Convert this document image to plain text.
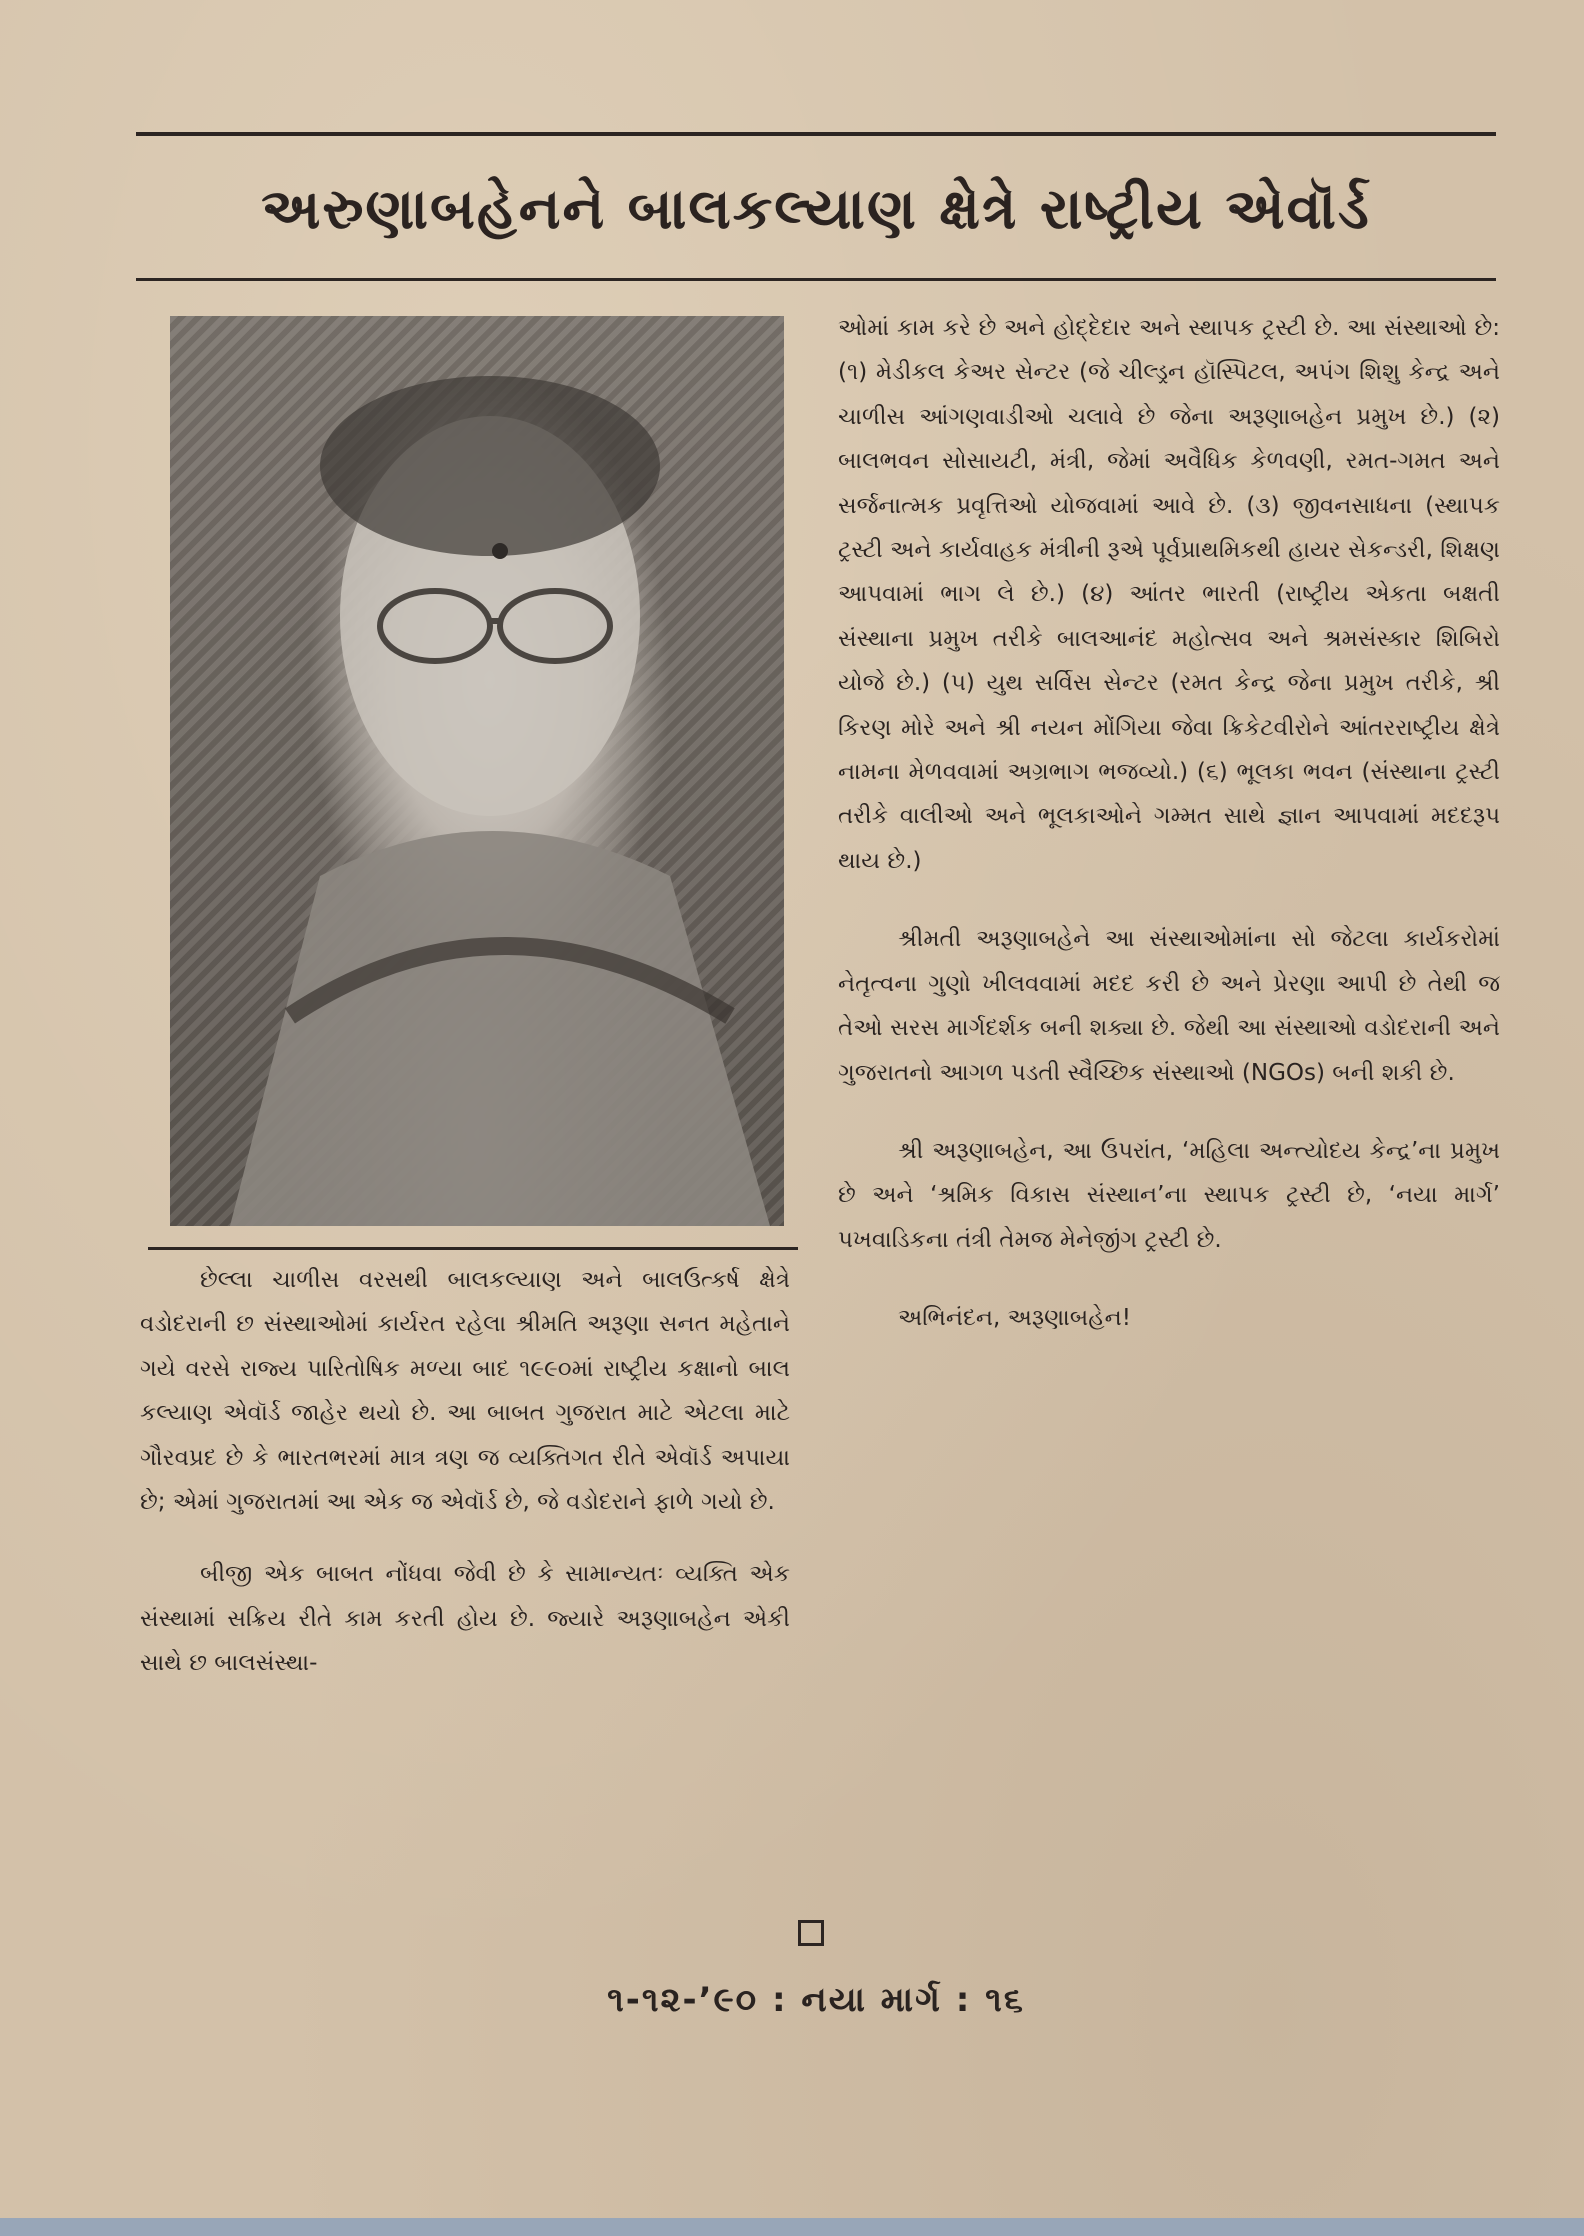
અરુણાબહેનને બાલકલ્યાણ ક્ષેત્રે રાષ્ટ્રીય એવૉર્ડ

છેલ્લા ચાળીસ વરસથી બાલકલ્યાણ અને બાલઉત્કર્ષ ક્ષેત્રે વડોદરાની છ સંસ્થાઓમાં કાર્યરત રહેલા શ્રીમતિ અરૂણા સનત મહેતાને ગયે વરસે રાજ્ય પારિતોષિક મળ્યા બાદ ૧૯૯૦માં રાષ્ટ્રીય કક્ષાનો બાલ કલ્યાણ એવૉર્ડ જાહેર થયો છે. આ બાબત ગુજરાત માટે એટલા માટે ગૌરવપ્રદ છે કે ભારતભરમાં માત્ર ત્રણ જ વ્યક્તિગત રીતે એવૉર્ડ અપાયા છે; એમાં ગુજરાતમાં આ એક જ એવૉર્ડ છે, જે વડોદરાને ફાળે ગયો છે.

બીજી એક બાબત નોંધવા જેવી છે કે સામાન્યતઃ વ્યક્તિ એક સંસ્થામાં સક્રિય રીતે કામ કરતી હોય છે. જ્યારે અરૂણાબહેન એકી સાથે છ બાલસંસ્થા-

ઓમાં કામ કરે છે અને હોદ્દેદાર અને સ્થાપક ટ્રસ્ટી છે. આ સંસ્થાઓ છે: (૧) મેડીકલ કેઅર સેન્ટર (જે ચીલ્ડ્રન હૉસ્પિટલ, અપંગ શિશુ કેન્દ્ર અને ચાળીસ આંગણવાડીઓ ચલાવે છે જેના અરૂણાબહેન પ્રમુખ છે.) (૨) બાલભવન સોસાયટી, મંત્રી, જેમાં અવૈધિક કેળવણી, રમત-ગમત અને સર્જનાત્મક પ્રવૃત્તિઓ યોજવામાં આવે છે. (૩) જીવનસાધના (સ્થાપક ટ્રસ્ટી અને કાર્યવાહક મંત્રીની રૂએ પૂર્વપ્રાથમિકથી હાયર સેકન્ડરી, શિક્ષણ આપવામાં ભાગ લે છે.) (૪) આંતર ભારતી (રાષ્ટ્રીય એકતા બક્ષતી સંસ્થાના પ્રમુખ તરીકે બાલઆનંદ મહોત્સવ અને શ્રમસંસ્કાર શિબિરો યોજે છે.) (૫) યુથ સર્વિસ સેન્ટર (રમત કેન્દ્ર જેના પ્રમુખ તરીકે, શ્રી કિરણ મોરે અને શ્રી નયન મોંગિયા જેવા ક્રિકેટવીરોને આંતરરાષ્ટ્રીય ક્ષેત્રે નામના મેળવવામાં અગ્રભાગ ભજવ્યો.) (૬) ભૂલકા ભવન (સંસ્થાના ટ્રસ્ટી તરીકે વાલીઓ અને ભૂલકાઓને ગમ્મત સાથે જ્ઞાન આપવામાં મદદરૂપ થાય છે.)

શ્રીમતી અરૂણાબહેને આ સંસ્થાઓમાંના સો જેટલા કાર્યકરોમાં નેતૃત્વના ગુણો ખીલવવામાં મદદ કરી છે અને પ્રેરણા આપી છે તેથી જ તેઓ સરસ માર્ગદર્શક બની શક્યા છે. જેથી આ સંસ્થાઓ વડોદરાની અને ગુજરાતનો આગળ પડતી સ્વૈચ્છિક સંસ્થાઓ (NGOs) બની શકી છે.

શ્રી અરૂણાબહેન, આ ઉપરાંત, ‘મહિલા અન્ત્યોદય કેન્દ્ર’ના પ્રમુખ છે અને ‘શ્રમિક વિકાસ સંસ્થાન’ના સ્થાપક ટ્રસ્ટી છે, ‘નયા માર્ગ’ પખવાડિકના તંત્રી તેમજ મેનેજીંગ ટ્રસ્ટી છે.

અભિનંદન, અરૂણાબહેન!

૧-૧૨-’૯૦ : નયા માર્ગ : ૧૬
